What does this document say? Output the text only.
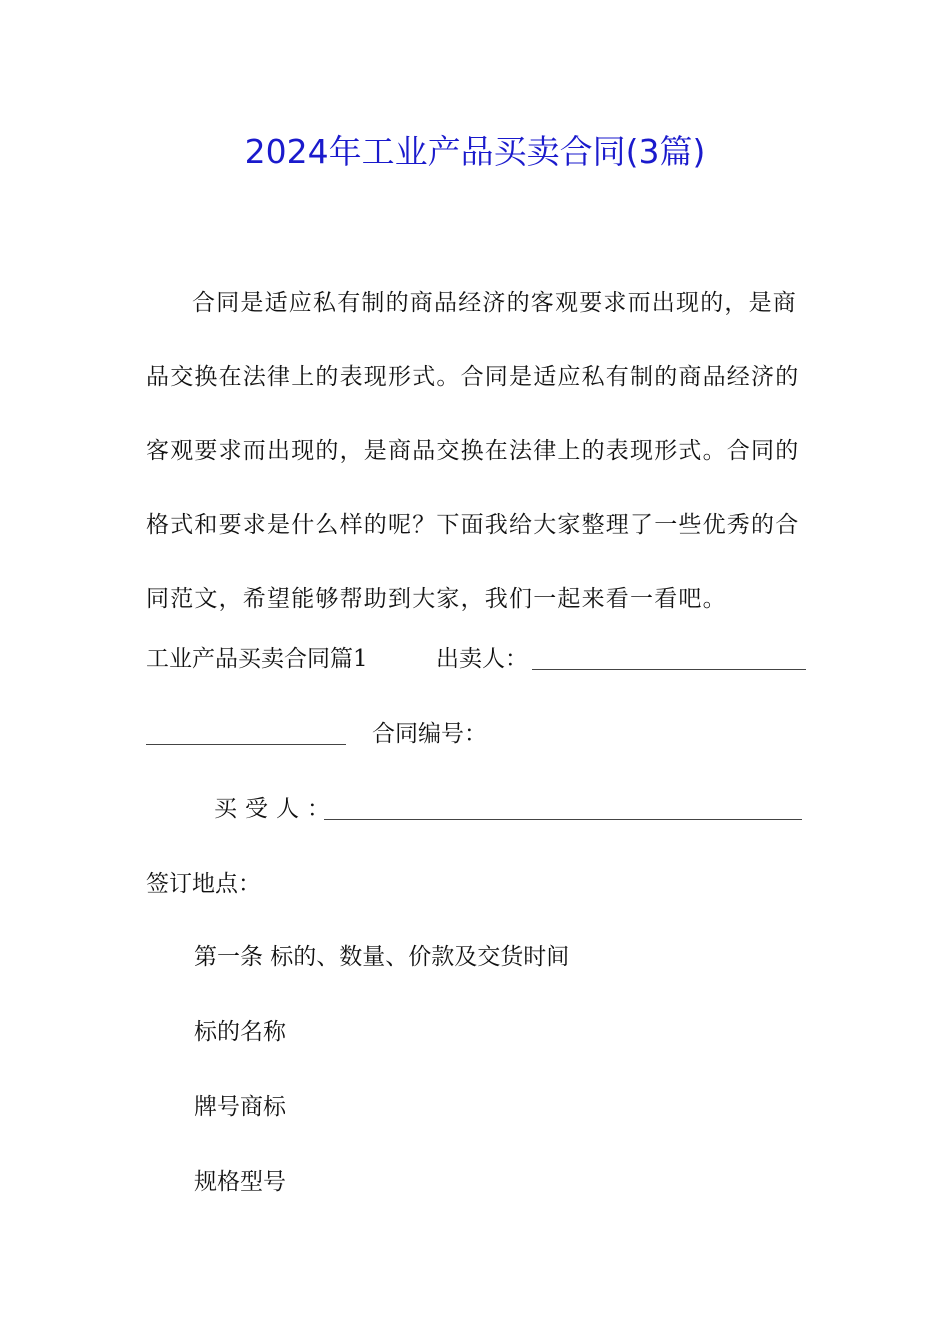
2024年工业产品买卖合同(3篇)

合同是适应私有制的商品经济的客观要求而出现的，是商品交换在法律上的表现形式。合同是适应私有制的商品经济的客观要求而出现的，是商品交换在法律上的表现形式。合同的格式和要求是什么样的呢？下面我给大家整理了一些优秀的合同范文，希望能够帮助到大家，我们一起来看一看吧。

工业产品买卖合同篇1	出卖人：
合同编号：
买受人：
签订地点：
第一条 标的、数量、价款及交货时间
标的名称
牌号商标
规格型号
